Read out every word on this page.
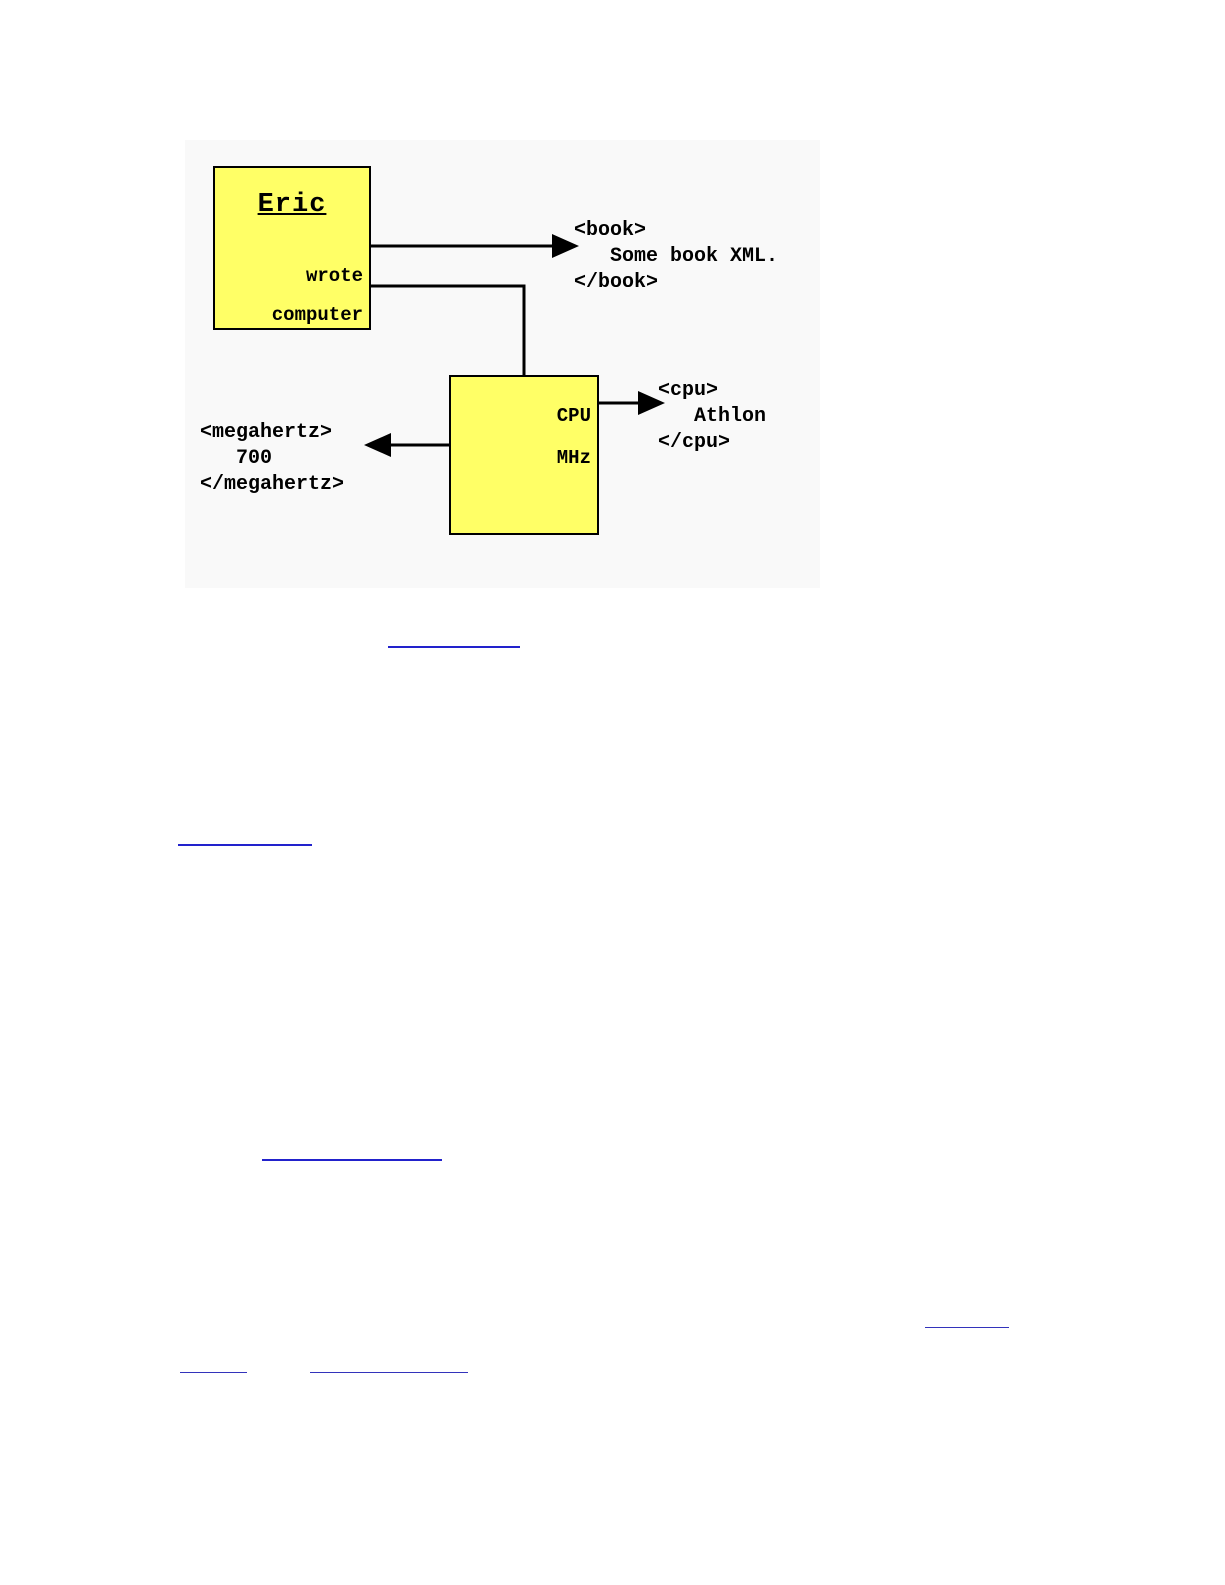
Eric
wrote
computer
CPU
MHz
<book>
Some book XML.
</book>
<cpu>
Athlon
</cpu>
<megahertz>
700
</megahertz>
